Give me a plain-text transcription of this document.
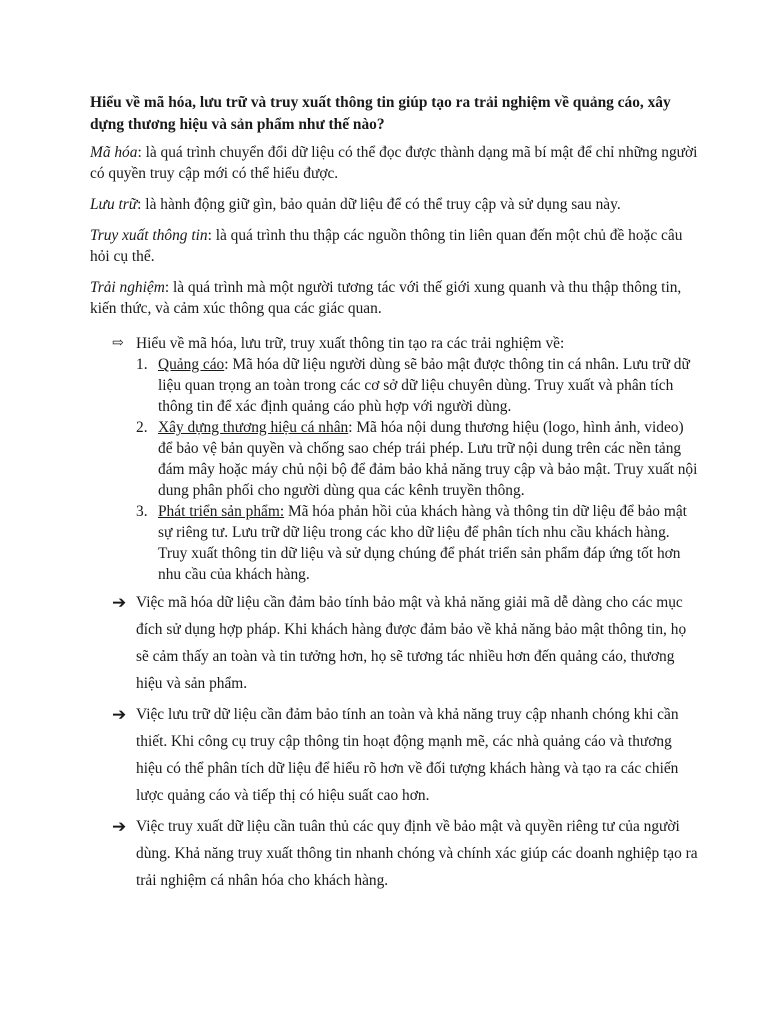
Hiểu về mã hóa, lưu trữ và truy xuất thông tin giúp tạo ra trải nghiệm về quảng cáo, xây dựng thương hiệu và sản phẩm như thế nào?

Mã hóa: là quá trình chuyển đổi dữ liệu có thể đọc được thành dạng mã bí mật để chỉ những người có quyền truy cập mới có thể hiểu được.

Lưu trữ: là hành động giữ gìn, bảo quản dữ liệu để có thể truy cập và sử dụng sau này.

Truy xuất thông tin: là quá trình thu thập các nguồn thông tin liên quan đến một chủ đề hoặc câu hỏi cụ thể.

Trải nghiệm: là quá trình mà một người tương tác với thế giới xung quanh và thu thập thông tin, kiến thức, và cảm xúc thông qua các giác quan.

⇨ Hiểu về mã hóa, lưu trữ, truy xuất thông tin tạo ra các trải nghiệm về:
1. Quảng cáo: Mã hóa dữ liệu người dùng sẽ bảo mật được thông tin cá nhân. Lưu trữ dữ liệu quan trọng an toàn trong các cơ sở dữ liệu chuyên dùng. Truy xuất và phân tích thông tin để xác định quảng cáo phù hợp với người dùng.
2. Xây dựng thương hiệu cá nhân: Mã hóa nội dung thương hiệu (logo, hình ảnh, video) để bảo vệ bản quyền và chống sao chép trái phép. Lưu trữ nội dung trên các nền tảng đám mây hoặc máy chủ nội bộ để đảm bảo khả năng truy cập và bảo mật. Truy xuất nội dung phân phối cho người dùng qua các kênh truyền thông.
3. Phát triển sản phẩm: Mã hóa phản hồi của khách hàng và thông tin dữ liệu để bảo mật sự riêng tư. Lưu trữ dữ liệu trong các kho dữ liệu để phân tích nhu cầu khách hàng. Truy xuất thông tin dữ liệu và sử dụng chúng để phát triển sản phẩm đáp ứng tốt hơn nhu cầu của khách hàng.
➔ Việc mã hóa dữ liệu cần đảm bảo tính bảo mật và khả năng giải mã dễ dàng cho các mục đích sử dụng hợp pháp. Khi khách hàng được đảm bảo về khả năng bảo mật thông tin, họ sẽ cảm thấy an toàn và tin tưởng hơn, họ sẽ tương tác nhiều hơn đến quảng cáo, thương hiệu và sản phẩm.
➔ Việc lưu trữ dữ liệu cần đảm bảo tính an toàn và khả năng truy cập nhanh chóng khi cần thiết. Khi công cụ truy cập thông tin hoạt động mạnh mẽ, các nhà quảng cáo và thương hiệu có thể phân tích dữ liệu để hiểu rõ hơn về đối tượng khách hàng và tạo ra các chiến lược quảng cáo và tiếp thị có hiệu suất cao hơn.
➔ Việc truy xuất dữ liệu cần tuân thủ các quy định về bảo mật và quyền riêng tư của người dùng. Khả năng truy xuất thông tin nhanh chóng và chính xác giúp các doanh nghiệp tạo ra trải nghiệm cá nhân hóa cho khách hàng.
